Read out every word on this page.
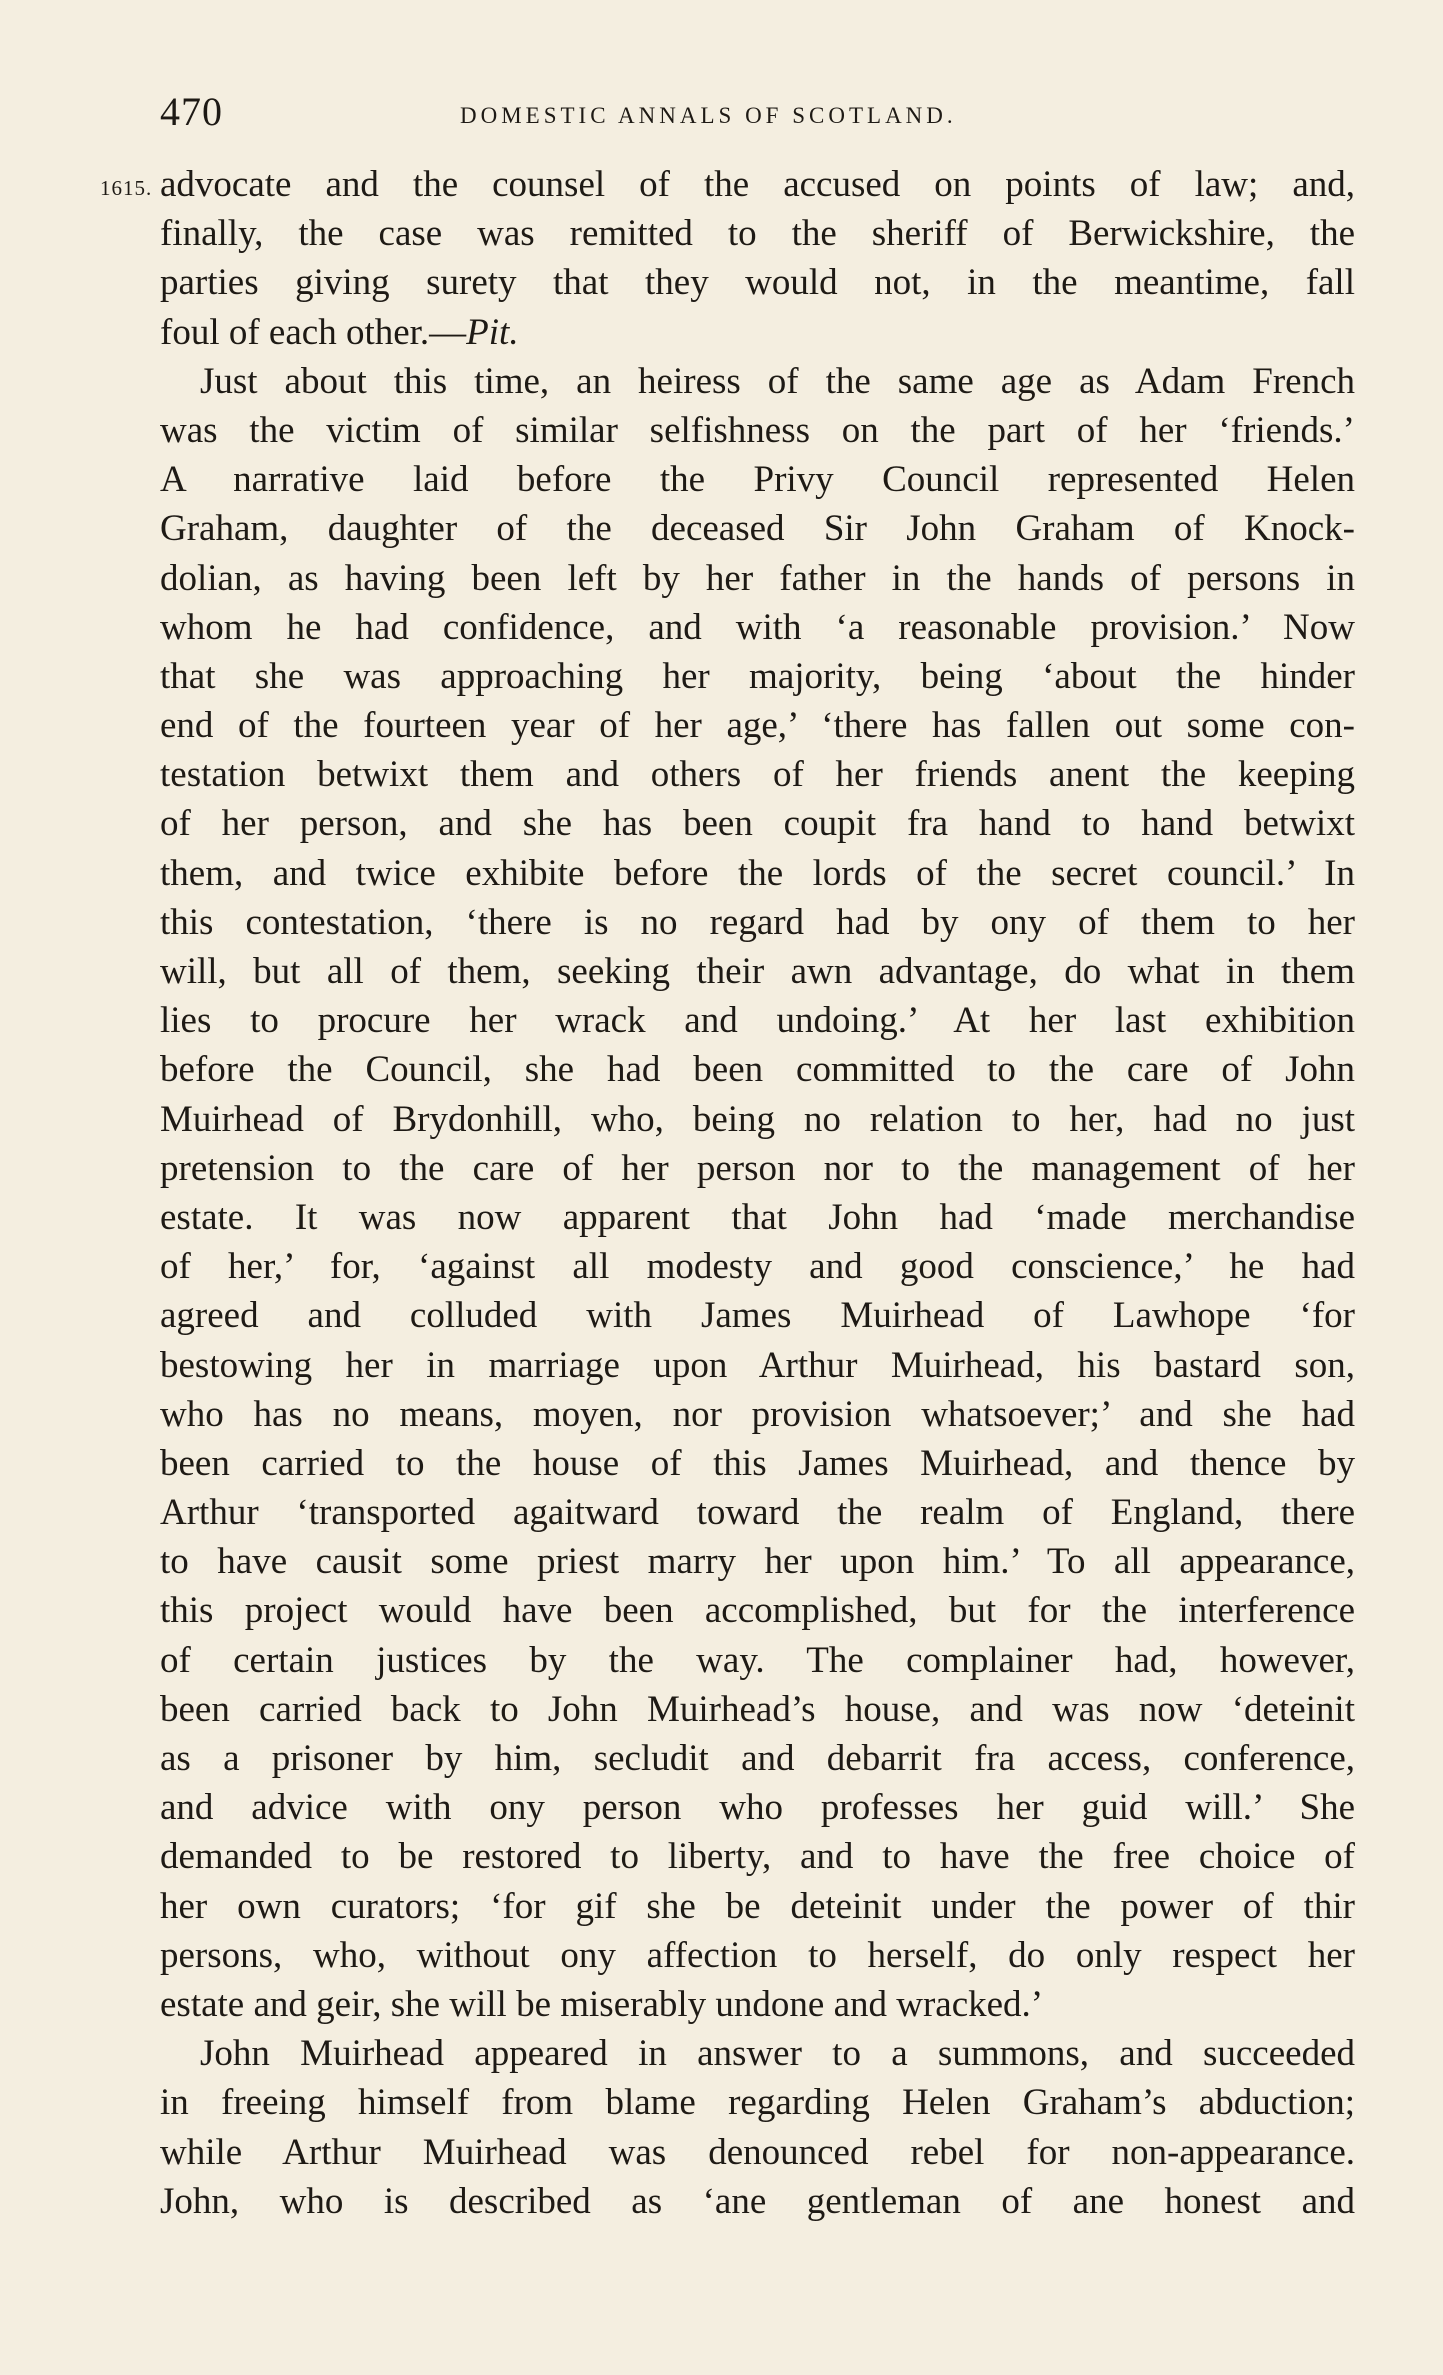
470	DOMESTIC ANNALS OF SCOTLAND.
1615. advocate and the counsel of the accused on points of law; and,
finally, the case was remitted to the sheriff of Berwickshire, the
parties giving surety that they would not, in the meantime, fall
foul of each other.—Pit.
Just about this time, an heiress of the same age as Adam French
was the victim of similar selfishness on the part of her ‘friends.’
A narrative laid before the Privy Council represented Helen
Graham, daughter of the deceased Sir John Graham of Knock-
dolian, as having been left by her father in the hands of persons in
whom he had confidence, and with ‘a reasonable provision.’ Now
that she was approaching her majority, being ‘about the hinder
end of the fourteen year of her age,’ ‘there has fallen out some con-
testation betwixt them and others of her friends anent the keeping
of her person, and she has been coupit fra hand to hand betwixt
them, and twice exhibite before the lords of the secret council.’ In
this contestation, ‘there is no regard had by ony of them to her
will, but all of them, seeking their awn advantage, do what in them
lies to procure her wrack and undoing.’ At her last exhibition
before the Council, she had been committed to the care of John
Muirhead of Brydonhill, who, being no relation to her, had no just
pretension to the care of her person nor to the management of her
estate. It was now apparent that John had ‘made merchandise
of her,’ for, ‘against all modesty and good conscience,’ he had
agreed and colluded with James Muirhead of Lawhope ‘for
bestowing her in marriage upon Arthur Muirhead, his bastard son,
who has no means, moyen, nor provision whatsoever;’ and she had
been carried to the house of this James Muirhead, and thence by
Arthur ‘transported agaitward toward the realm of England, there
to have causit some priest marry her upon him.’ To all appearance,
this project would have been accomplished, but for the interference
of certain justices by the way. The complainer had, however,
been carried back to John Muirhead’s house, and was now ‘deteinit
as a prisoner by him, secludit and debarrit fra access, conference,
and advice with ony person who professes her guid will.’ She
demanded to be restored to liberty, and to have the free choice of
her own curators; ‘for gif she be deteinit under the power of thir
persons, who, without ony affection to herself, do only respect her
estate and geir, she will be miserably undone and wracked.’
John Muirhead appeared in answer to a summons, and succeeded
in freeing himself from blame regarding Helen Graham’s abduction;
while Arthur Muirhead was denounced rebel for non-appearance.
John, who is described as ‘ane gentleman of ane honest and
